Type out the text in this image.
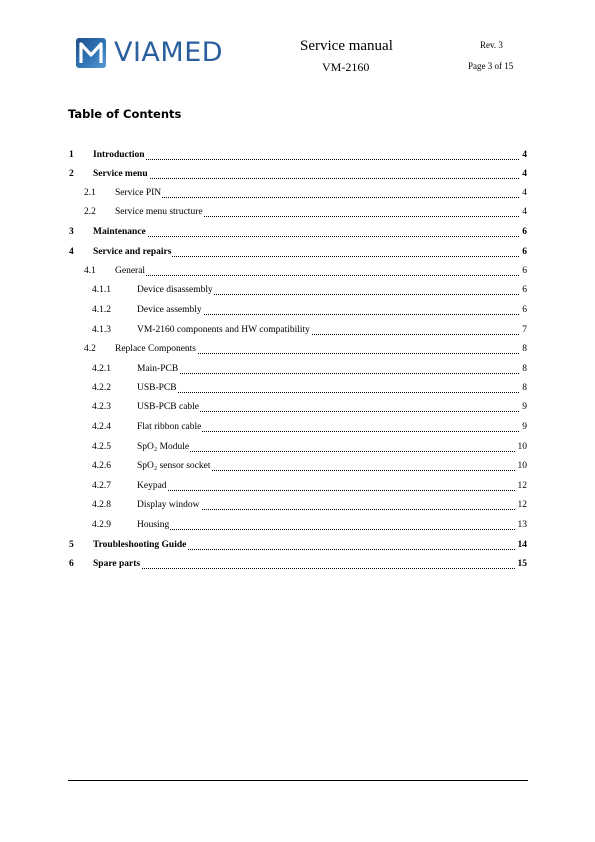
VIAMED	Service manual
VM-2160
Rev. 3
Page 3 of 15
Table of Contents
1 Introduction	4
2 Service menu	4
2.1 Service PIN	4
2.2 Service menu structure	4
3 Maintenance	6
4 Service and repairs	6
4.1 General	6
4.1.1	Device disassembly	6
4.1.2	Device assembly	6
4.1.3	VM-2160 components and HW compatibility	7
4.2 Replace Components	8
4.2.1	Main-PCB	8
4.2.2	USB-PCB	8
4.2.3	USB-PCB cable	9
4.2.4	Flat ribbon cable	9
4.2.5	SpO₂ Module	10
4.2.6	SpO₂ sensor socket	10
4.2.7	Keypad	12
4.2.8	Display window	12
4.2.9	Housing	13
5 Troubleshooting Guide	14
6 Spare parts	15
